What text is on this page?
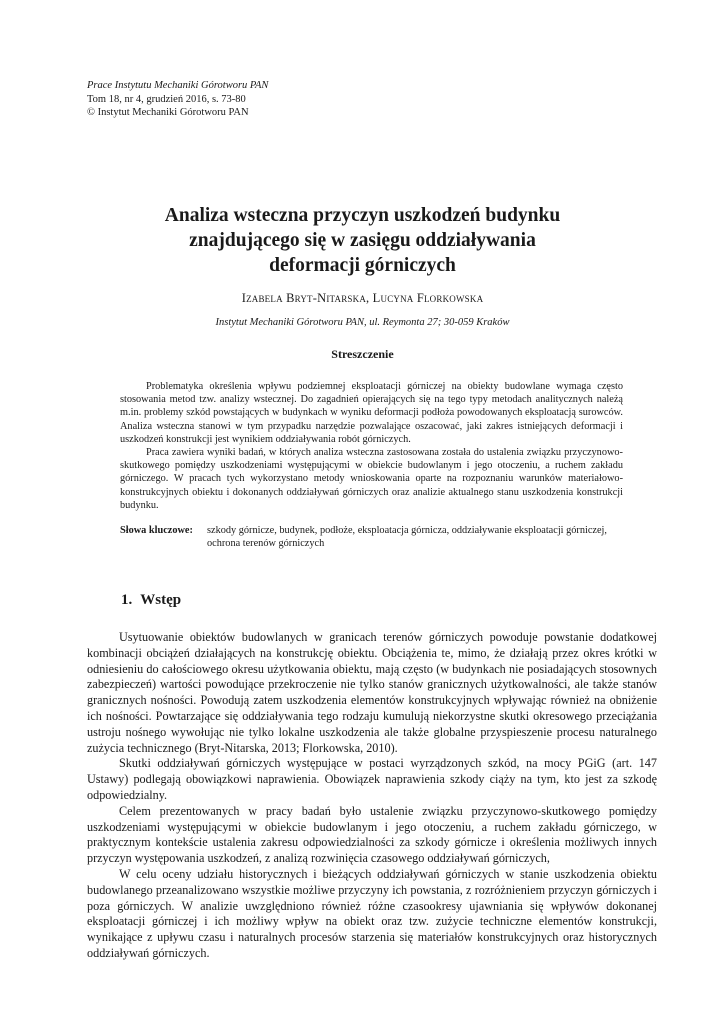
Prace Instytutu Mechaniki Górotworu PAN
Tom 18, nr 4, grudzień 2016, s. 73-80
© Instytut Mechaniki Górotworu PAN
Analiza wsteczna przyczyn uszkodzeń budynku
znajdującego się w zasięgu oddziaływania
deformacji górniczych
Izabela Bryt-Nitarska, Lucyna Florkowska
Instytut Mechaniki Górotworu PAN, ul. Reymonta 27; 30-059 Kraków
Streszczenie

Problematyka określenia wpływu podziemnej eksploatacji górniczej na obiekty budowlane wymaga często stosowania metod tzw. analizy wstecznej. Do zagadnień opierających się na tego typy metodach analitycznych należą m.in. problemy szkód powstających w budynkach w wyniku deformacji podłoża powodowanych eksploatacją surowców. Analiza wsteczna stanowi w tym przypadku narzędzie pozwalające oszacować, jaki zakres istniejących deformacji i uszkodzeń konstrukcji jest wynikiem oddziaływania robót górniczych.

Praca zawiera wyniki badań, w których analiza wsteczna zastosowana została do ustalenia związku przyczynowo-skutkowego pomiędzy uszkodzeniami występującymi w obiekcie budowlanym i jego otoczeniu, a ruchem zakładu górniczego. W pracach tych wykorzystano metody wnioskowania oparte na rozpoznaniu warunków materiałowo-konstrukcyjnych obiektu i dokonanych oddziaływań górniczych oraz analizie aktualnego stanu uszkodzenia konstrukcji budynku.

Słowa kluczowe:	szkody górnicze, budynek, podłoże, eksploatacja górnicza, oddziaływanie eksploatacji górniczej, ochrona terenów górniczych
1. Wstęp

Usytuowanie obiektów budowlanych w granicach terenów górniczych powoduje powstanie dodatkowej kombinacji obciążeń działających na konstrukcję obiektu. Obciążenia te, mimo, że działają przez okres krótki w odniesieniu do całościowego okresu użytkowania obiektu, mają często (w budynkach nie posiadających stosownych zabezpieczeń) wartości powodujące przekroczenie nie tylko stanów granicznych użytkowalności, ale także stanów granicznych nośności. Powodują zatem uszkodzenia elementów konstrukcyjnych wpływając również na obniżenie ich nośności. Powtarzające się oddziaływania tego rodzaju kumulują niekorzystne skutki okresowego przeciążania ustroju nośnego wywołując nie tylko lokalne uszkodzenia ale także globalne przyspieszenie procesu naturalnego zużycia technicznego (Bryt-Nitarska, 2013; Florkowska, 2010).

Skutki oddziaływań górniczych występujące w postaci wyrządzonych szkód, na mocy PGiG (art. 147 Ustawy) podlegają obowiązkowi naprawienia. Obowiązek naprawienia szkody ciąży na tym, kto jest za szkodę odpowiedzialny.

Celem prezentowanych w pracy badań było ustalenie związku przyczynowo-skutkowego pomiędzy uszkodzeniami występującymi w obiekcie budowlanym i jego otoczeniu, a ruchem zakładu górniczego, w praktycznym kontekście ustalenia zakresu odpowiedzialności za szkody górnicze i określenia możliwych innych przyczyn występowania uszkodzeń, z analizą rozwinięcia czasowego oddziaływań górniczych,

W celu oceny udziału historycznych i bieżących oddziaływań górniczych w stanie uszkodzenia obiektu budowlanego przeanalizowano wszystkie możliwe przyczyny ich powstania, z rozróżnieniem przyczyn górniczych i poza górniczych. W analizie uwzględniono również różne czasookresy ujawniania się wpływów dokonanej eksploatacji górniczej i ich możliwy wpływ na obiekt oraz tzw. zużycie techniczne elementów konstrukcji, wynikające z upływu czasu i naturalnych procesów starzenia się materiałów konstrukcyjnych oraz historycznych oddziaływań górniczych.
